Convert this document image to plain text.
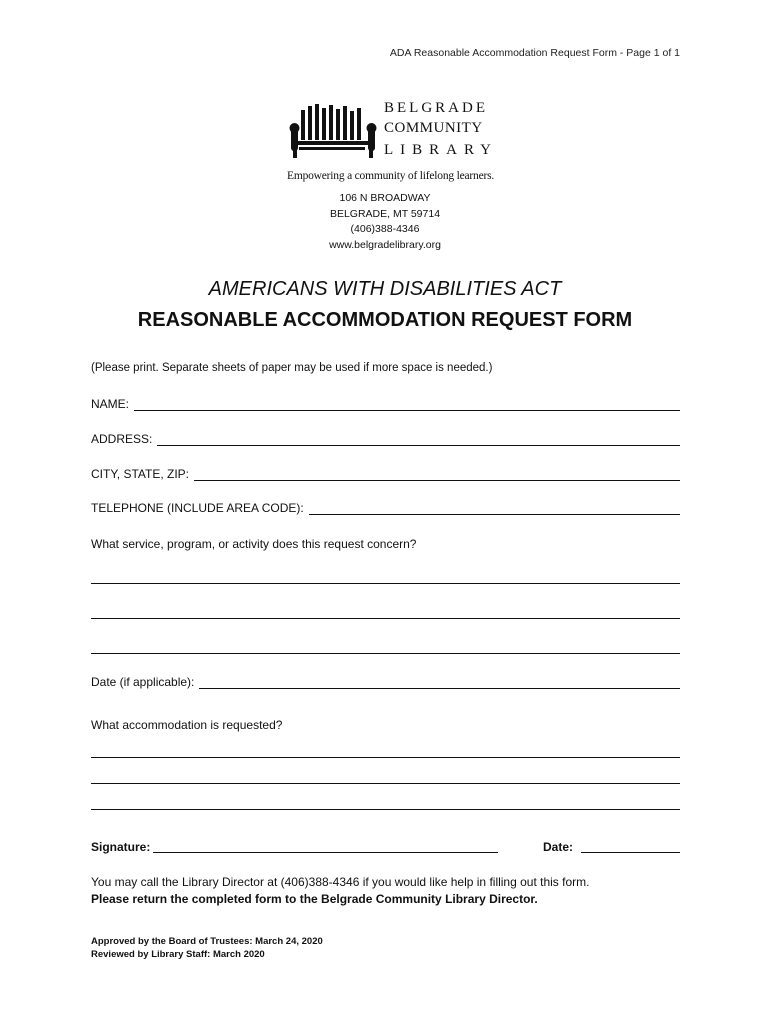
ADA Reasonable Accommodation Request Form - Page 1 of 1
BELGRADE
COMMUNITY
LIBRARY
Empowering a community of lifelong learners.
106 N BROADWAY
BELGRADE, MT 59714
(406)388-4346
www.belgradelibrary.org
AMERICANS WITH DISABILITIES ACT
REASONABLE ACCOMMODATION REQUEST FORM
(Please print. Separate sheets of paper may be used if more space is needed.)
NAME:
ADDRESS:
CITY, STATE, ZIP:
TELEPHONE (INCLUDE AREA CODE):
What service, program, or activity does this request concern?
Date (if applicable):
What accommodation is requested?
Signature:	Date:
You may call the Library Director at (406)388-4346 if you would like help in filling out this form.
Please return the completed form to the Belgrade Community Library Director.
Approved by the Board of Trustees: March 24, 2020
Reviewed by Library Staff: March 2020
